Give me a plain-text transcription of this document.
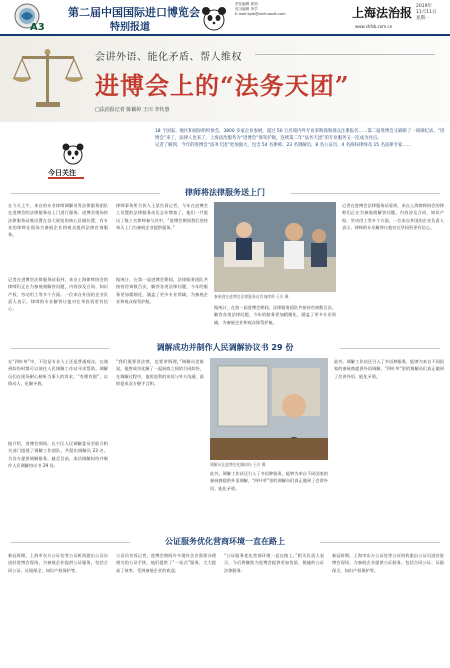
A3
第二届中国国际进口博览会
特别报道
责任编辑 郭知
见习编辑 李学
E-mail:bjxb@xinhuanet.com	上海法治报
www.shfzb.com.cn
2019年
11月11日
星期一
会讲外语、能化矛盾、帮人维权
进博会上的“法务天团”
□法治报记者 陈颖婷 王川 李钰惠
18 个国家、地区和国际组织参会，3800 多家企业参展，超过 50 万名境内外专业采购商和观众注册报名……第二届进博会又刷新了一项项纪录。“进博会”来了，法律人也来了，上海法治服务为“进博会”保驾护航，连续第二年“法务天团”的专业服务又一次成为亮点。
记者了解到，今年的进博会“法务天团”更加强大，包含 54 名律师、23 名调解员、8 名公证员、4 名商标律师及 15 名法律专家……
今日关注
律师将法律服务送上门
在今天上午，来自的专业律师调解员等法律服务团队在进博会的法律服务站上门进行服务。进博会现场的法律服务站被设置在各大展馆的核心区域位置，有专业的律师在现场为参展企业和观众提供法律咨询服务。
记者在进博会法律服务站看到，来自上海律师协会的律师们正在为参展商解答问题，内容涉及合同、知识产权、劳动用工等多个方面。一位来自外国的企业负责人表示，律师的专业解答让他对在华投资更有信心。
律师事务所合伙人王某告诉记者，今年在进博会上设置的法律服务站比去年增加了，他们一共派出了数十名律师参与其中，“进博会期间我们坚持每天上门为参展企业提供服务。”
据统计，在第一届进博会期间，法律服务团队共接待咨询数百次，解答各类法律问题，今年的服务更加精细化，涵盖了更多专业领域，为参展企业和观众保驾护航。
参展商在进博会法律服务站咨询律师 王川 摄
记者在进博会法律服务站看到，来自上海律师协会的律师们正在为参展商解答问题，内容涉及合同、知识产权、劳动用工等多个方面。一位来自外国的企业负责人表示，律师的专业解答让他对在华投资更有信心。
据统计，在第一届进博会期间，法律服务团队共接待咨询数百次，解答各类法律问题，今年的服务更加精细化，涵盖了更多专业领域，为参展企业和观众保驾护航。
调解成功并制作人民调解协议书 29 份
在“四叶草”中，不论是专业人士还是普通观众，在遇到纠纷时都可以前往人民调解工作站寻求帮助。调解员们在现场耐心倾听当事人的诉求，“有理有据”，以情动人，化解矛盾。
据介绍，进博会期间，长宁区人民调解委员会联合相关部门组建了调解工作团队，共派出调解员 23 名，为各方提供调解服务。截至目前，成功调解纠纷并制作人民调解协议书 29 份。
“我们既要讲法律，也要讲情理，”调解员老陈说，他曾成功化解了一起展商之间的合同纠纷，在调解过程中，他用流利的英语与外方沟通，最终促成双方握手言和。
调解员在进博会化解纠纷 王川 摄
此外，调解工作站还引入了多语种服务，能够为来自不同国家的参展商提供外语调解，“四叶草”里的调解员们真正做到了会讲外语、能化矛盾。
此外，调解工作站还引入了多语种服务，能够为来自不同国家的参展商提供外语调解，“四叶草”里的调解员们真正做到了会讲外语、能化矛盾。
公证服务优化营商环境一直在路上
新冠时期，上海市东方公证处等公证机构派出公证员进驻进博会现场，为参展企业提供公证服务，包括合同公证、证据保全、知识产权保护等。
公证员告诉记者，进博会期间许多境外企业需要办理相关的公证手续，他们提供了“一站式”服务，大大提高了效率，受到参展企业的欢迎。
“公证服务优化营商环境一直在路上。”相关负责人表示，今后将继续为进博会提供更加优质、便捷的公证法律服务。
新冠时期，上海市东方公证处等公证机构派出公证员进驻进博会现场，为参展企业提供公证服务，包括合同公证、证据保全、知识产权保护等。
